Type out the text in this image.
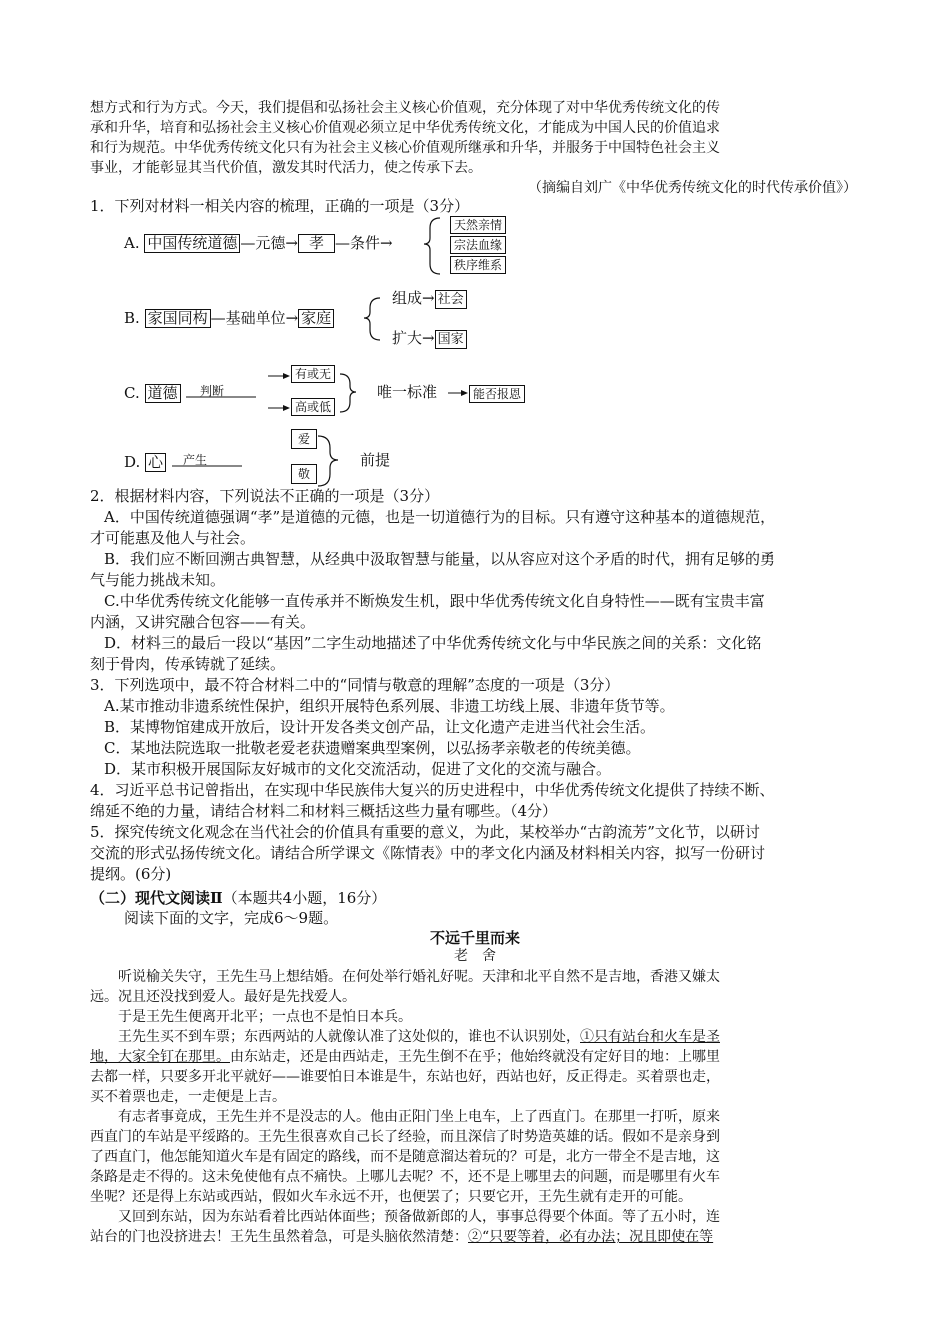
想方式和行为方式。今天，我们提倡和弘扬社会主义核心价值观，充分体现了对中华优秀传统文化的传

承和升华，培育和弘扬社会主义核心价值观必须立足中华优秀传统文化，才能成为中国人民的价值追求

和行为规范。中华优秀传统文化只有为社会主义核心价值观所继承和升华，并服务于中国特色社会主义

事业，才能彰显其当代价值，激发其时代活力，使之传承下去。

（摘编自刘广《中华优秀传统文化的时代传承价值》）
1．下列对材料一相关内容的梳理，正确的一项是（3分）
A. 中国传统道德 —元德→ 孝 —条件→
天然亲情
宗法血缘
秩序维系
B. 家国同构 —基础单位→ 家庭
组成→ 社会
扩大→ 国家
C. 道德 判断
有或无
高或低
唯一标准	能否报恩
D. 心 产生
爱
敬
前提

2．根据材料内容，下列说法不正确的一项是（3分）

A．中国传统道德强调“孝”是道德的元德，也是一切道德行为的目标。只有遵守这种基本的道德规范，

才可能惠及他人与社会。

B．我们应不断回溯古典智慧，从经典中汲取智慧与能量，以从容应对这个矛盾的时代，拥有足够的勇

气与能力挑战未知。

C.中华优秀传统文化能够一直传承并不断焕发生机，跟中华优秀传统文化自身特性——既有宝贵丰富

内涵，又讲究融合包容——有关。

D．材料三的最后一段以“基因”二字生动地描述了中华优秀传统文化与中华民族之间的关系：文化铭

刻于骨肉，传承铸就了延续。

3．下列选项中，最不符合材料二中的“同情与敬意的理解”态度的一项是（3分）

A.某市推动非遗系统性保护，组织开展特色系列展、非遗工坊线上展、非遗年货节等。

B．某博物馆建成开放后，设计开发各类文创产品，让文化遗产走进当代社会生活。

C．某地法院选取一批敬老爱老获遗赠案典型案例，以弘扬孝亲敬老的传统美德。

D．某市积极开展国际友好城市的文化交流活动，促进了文化的交流与融合。

4．习近平总书记曾指出，在实现中华民族伟大复兴的历史进程中，中华优秀传统文化提供了持续不断、

绵延不绝的力量，请结合材料二和材料三概括这些力量有哪些。（4分）

5．探究传统文化观念在当代社会的价值具有重要的意义，为此，某校举办“古韵流芳”文化节，以研讨

交流的形式弘扬传统文化。请结合所学课文《陈情表》中的孝文化内涵及材料相关内容，拟写一份研讨

提纲。(6分)

（二）现代文阅读Ⅱ（本题共4小题，16分）
阅读下面的文字，完成6～9题。
不远千里而来
老　舍

听说榆关失守，王先生马上想结婚。在何处举行婚礼好呢。天津和北平自然不是吉地，香港又嫌太

远。况且还没找到爱人。最好是先找爱人。

于是王先生便离开北平；一点也不是怕日本兵。

王先生买不到车票；东西两站的人就像认准了这处似的，谁也不认识别处，①只有站台和火车是圣

地，大家全钉在那里。由东站走，还是由西站走，王先生倒不在乎；他始终就没有定好目的地：上哪里

去都一样，只要多开北平就好——谁要怕日本谁是牛，东站也好，西站也好，反正得走。买着票也走，

买不着票也走，一走便是上吉。

有志者事竟成，王先生并不是没志的人。他由正阳门坐上电车，上了西直门。在那里一打听，原来

西直门的车站是平绥路的。王先生很喜欢自己长了经验，而且深信了时势造英雄的话。假如不是亲身到

了西直门，他怎能知道火车是有固定的路线，而不是随意溜达着玩的？可是，北方一带全不是吉地，这

条路是走不得的。这未免使他有点不痛快。上哪儿去呢？不，还不是上哪里去的问题，而是哪里有火车

坐呢？还是得上东站或西站，假如火车永远不开，也便罢了；只要它开，王先生就有走开的可能。

又回到东站，因为东站看着比西站体面些；预备做新郎的人，事事总得要个体面。等了五小时，连

站台的门也没挤进去！王先生虽然着急，可是头脑依然清楚：②“只要等着，必有办法；况且即使在等
